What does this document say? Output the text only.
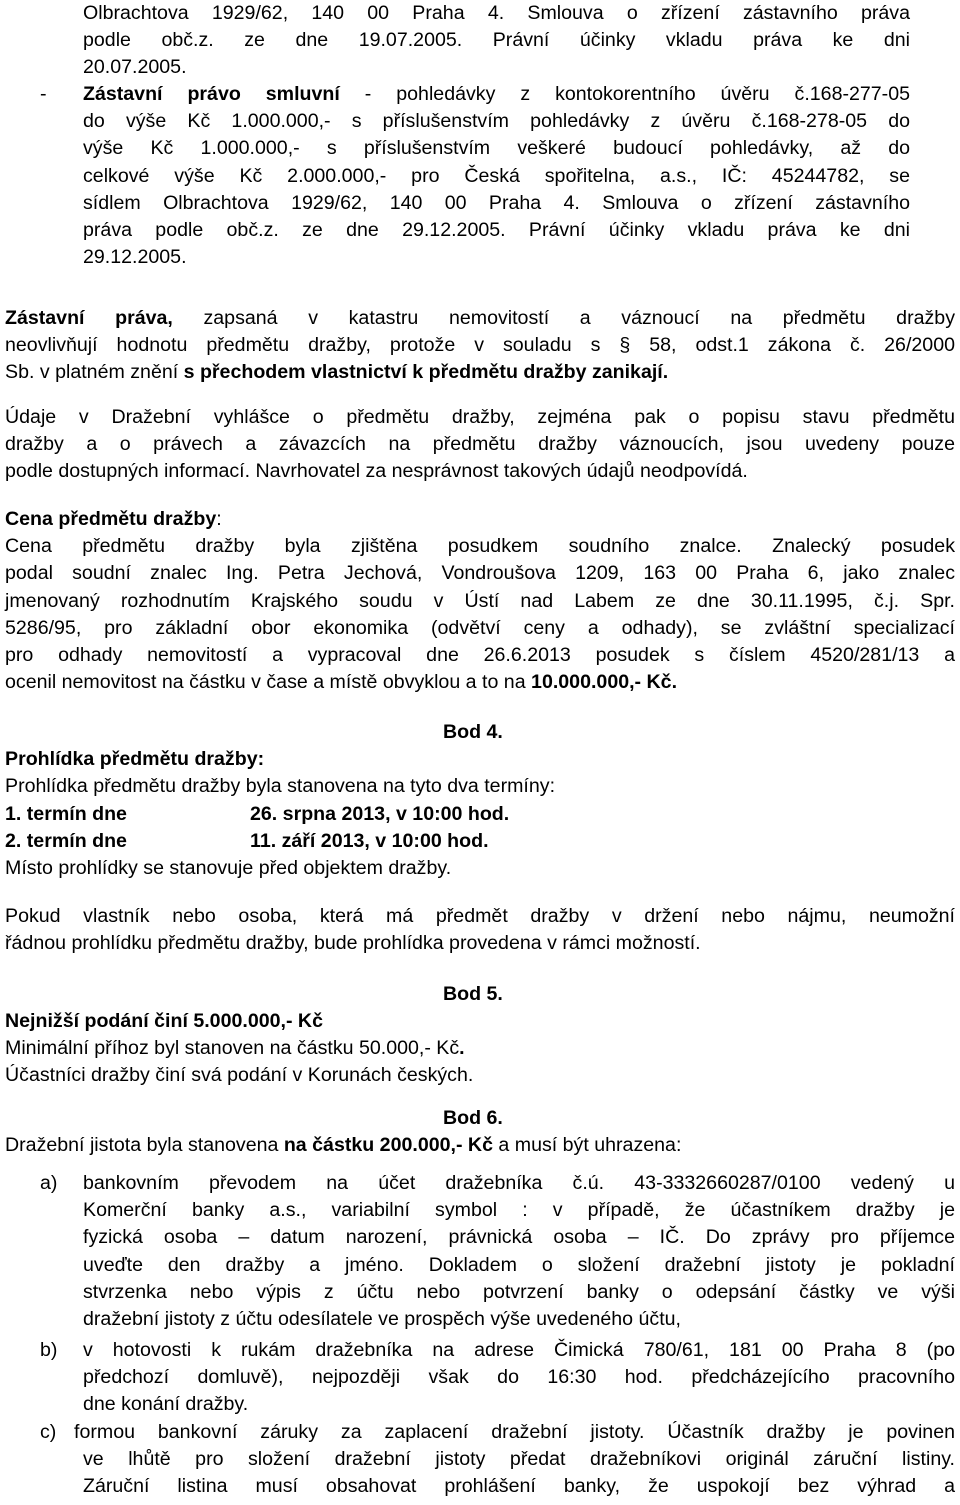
Olbrachtova 1929/62, 140 00 Praha 4. Smlouva o zřízení zástavního práva
podle obč.z. ze dne 19.07.2005. Právní účinky vkladu práva ke dni
20.07.2005.
- Zástavní právo smluvní - pohledávky z kontokorentního úvěru č.168-277-05
do výše Kč 1.000.000,- s příslušenstvím pohledávky z úvěru č.168-278-05 do
výše Kč 1.000.000,- s příslušenstvím veškeré budoucí pohledávky, až do
celkové výše Kč 2.000.000,- pro Česká spořitelna, a.s., IČ: 45244782, se
sídlem Olbrachtova 1929/62, 140 00 Praha 4. Smlouva o zřízení zástavního
práva podle obč.z. ze dne 29.12.2005. Právní účinky vkladu práva ke dni
29.12.2005.
Zástavní práva, zapsaná v katastru nemovitostí a váznoucí na předmětu dražby
neovlivňují hodnotu předmětu dražby, protože v souladu s § 58, odst.1 zákona č. 26/2000
Sb. v platném znění s přechodem vlastnictví k předmětu dražby zanikají.
Údaje v Dražební vyhlášce o předmětu dražby, zejména pak o popisu stavu předmětu
dražby a o právech a závazcích na předmětu dražby váznoucích, jsou uvedeny pouze
podle dostupných informací. Navrhovatel za nesprávnost takových údajů neodpovídá.
Cena předmětu dražby:
Cena předmětu dražby byla zjištěna posudkem soudního znalce. Znalecký posudek
podal soudní znalec Ing. Petra Jechová, Vondroušova 1209, 163 00 Praha 6, jako znalec
jmenovaný rozhodnutím Krajského soudu v Ústí nad Labem ze dne 30.11.1995, č.j. Spr.
5286/95, pro základní obor ekonomika (odvětví ceny a odhady), se zvláštní specializací
pro odhady nemovitostí a vypracoval dne 26.6.2013 posudek s číslem 4520/281/13 a
ocenil nemovitost na částku v čase a místě obvyklou a to na 10.000.000,- Kč.
Bod 4.
Prohlídka předmětu dražby:
Prohlídka předmětu dražby byla stanovena na tyto dva termíny:
1. termín dne	26. srpna 2013, v 10:00 hod.
2. termín dne	11. září 2013, v 10:00 hod.
Místo prohlídky se stanovuje před objektem dražby.
Pokud vlastník nebo osoba, která má předmět dražby v držení nebo nájmu, neumožní
řádnou prohlídku předmětu dražby, bude prohlídka provedena v rámci možností.
Bod 5.
Nejnižší podání činí 5.000.000,- Kč
Minimální příhoz byl stanoven na částku 50.000,- Kč.
Účastníci dražby činí svá podání v Korunách českých.
Bod 6.
Dražební jistota byla stanovena na částku 200.000,- Kč a musí být uhrazena:
a) bankovním převodem na účet dražebníka č.ú. 43-3332660287/0100 vedený u
Komerční banky a.s., variabilní symbol : v případě, že účastníkem dražby je
fyzická osoba – datum narození, právnická osoba – IČ. Do zprávy pro příjemce
uveďte den dražby a jméno. Dokladem o složení dražební jistoty je pokladní
stvrzenka nebo výpis z účtu nebo potvrzení banky o odepsání částky ve výši
dražební jistoty z účtu odesílatele ve prospěch výše uvedeného účtu,
b) v hotovosti k rukám dražebníka na adrese Čimická 780/61, 181 00 Praha 8 (po
předchozí domluvě), nejpozději však do 16:30 hod. předcházejícího pracovního
dne konání dražby.
c) formou bankovní záruky za zaplacení dražební jistoty. Účastník dražby je povinen
ve lhůtě pro složení dražební jistoty předat dražebníkovi originál záruční listiny.
Záruční listina musí obsahovat prohlášení banky, že uspokojí bez výhrad a
